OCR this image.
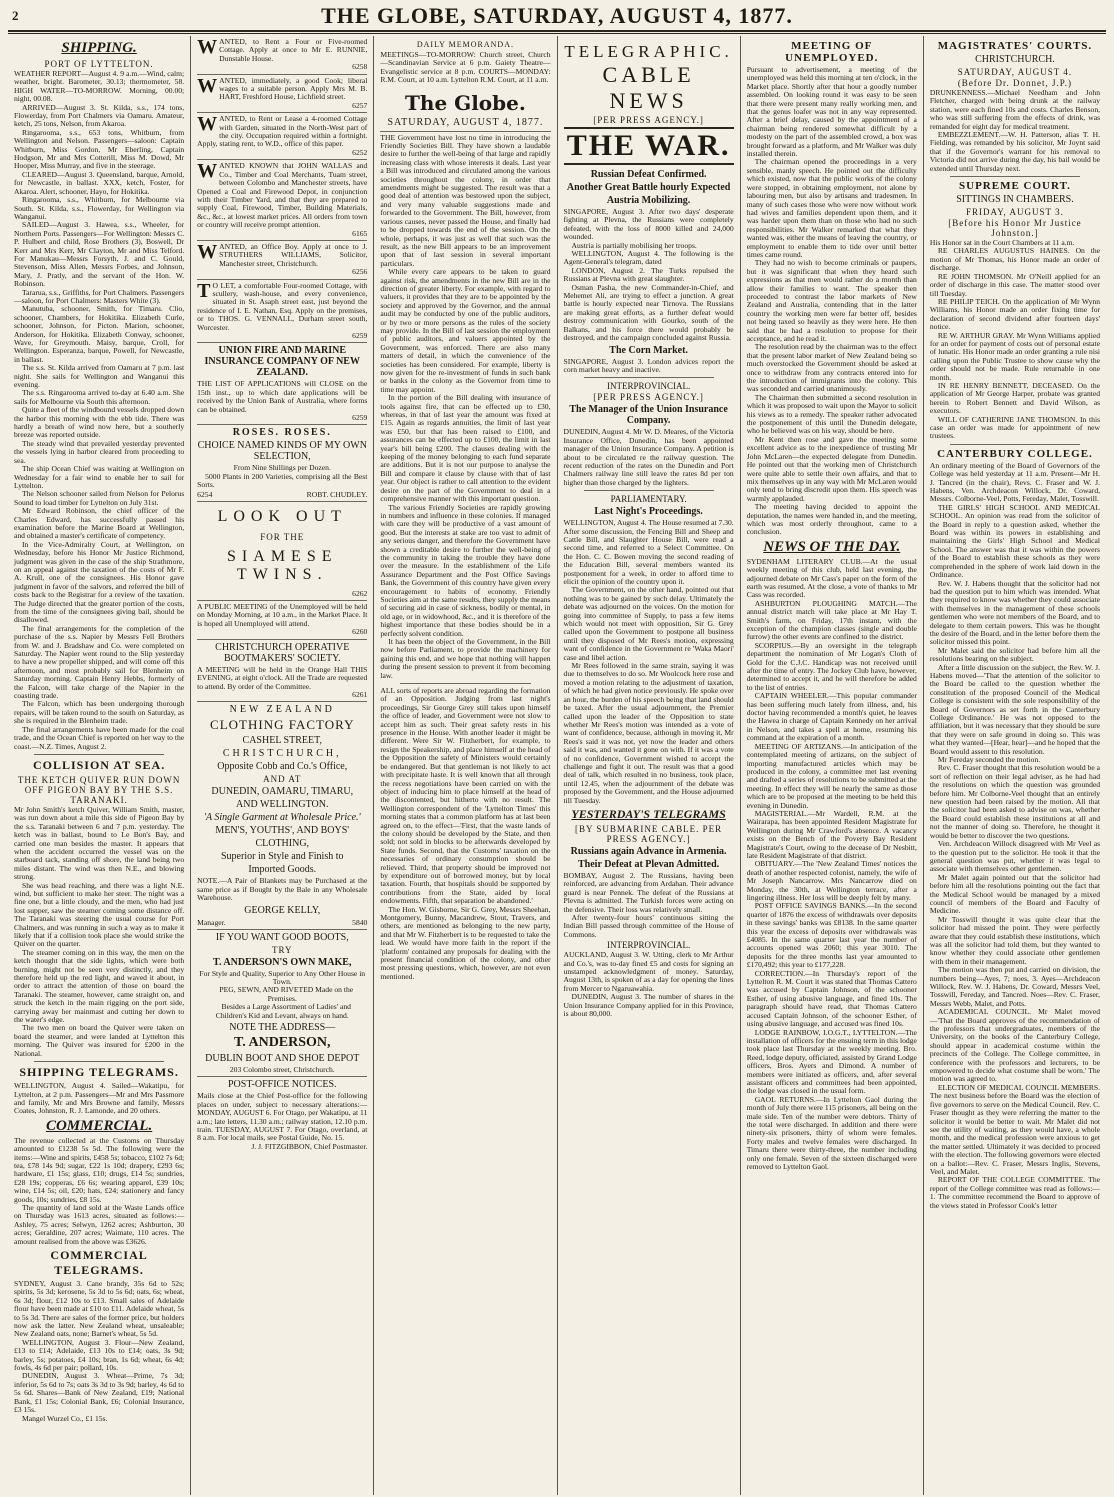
2	THE GLOBE, SATURDAY, AUGUST 4, 1877.
SHIPPING.
PORT OF LYTTELTON.

WEATHER REPORT—August 4. 9 a.m.—Wind, calm; weather, bright. Barometer, 30.13; thermometer, 58. HIGH WATER—TO-MORROW. Morning, 00.00; night, 00.08.

ARRIVED—August 3. St. Kilda, s.s., 174 tons, Flowerday, from Port Chalmers via Oamaru. Amateur, ketch, 25 tons, Nelson, from Akaroa.

Ringarooma, s.s., 653 tons, Whitburn, from Wellington and Nelson. Passengers—saloon: Captain Whitburn, Miss Gordon, Mr Eberling, Captain Hodgson, Mr and Mrs Cotterill, Miss M. Dowd, Mr Hooper, Miss Murray, and five in the steerage.

CLEARED—August 3. Queensland, barque, Arnold, for Newcastle, in ballast. XXX, ketch, Foster, for Akaroa. Alert, schooner, Hayo, for Hokitika.

Ringarooma, s.s., Whitburn, for Melbourne via South. St. Kilda, s.s., Flowerday, for Wellington via Wanganui.

SAILED—August 3. Hawea, s.s., Wheeler, for Northern Ports. Passengers—For Wellington: Messrs C. P. Hulbert and child, Rose Brothers (3), Boswell, Dr Kerr and Mrs Kerr, Mr Clayton, Mr and Miss Telford. For Manukau—Messrs Forsyth, J. and C. Gould, Stevenson, Miss Allen, Messrs Forbes, and Johnson, Mary, J. Pratly, and the servant of the Hon. W. Robinson.

Tararua, s.s., Griffiths, for Port Chalmers. Passengers—saloon, for Port Chalmers: Masters White (3).

Manutuba, schooner, Smith, for Timaru. Clio, schooner, Chambers, for Hokitika. Elizabeth Curle, schooner, Johnson, for Picton. Marion, schooner, Anderson, for Hokitika. Elizabeth Conway, schooner, Wave, for Greymouth. Maisy, barque, Croll, for Wellington. Esperanza, barque, Powell, for Newcastle, in ballast.

The s.s. St. Kilda arrived from Oamaru at 7 p.m. last night. She sails for Wellington and Wanganui this evening.

The s.s. Ringarooma arrived to-day at 6.40 a.m. She sails for Melbourne via South this afternoon.

Quite a fleet of the windbound vessels dropped down the harbor this morning with the ebb tide. There was hardly a breath of wind now here, but a southerly breeze was reported outside.

The steady wind that prevailed yesterday prevented the vessels lying in harbor cleared from proceeding to sea.

The ship Ocean Chief was waiting at Wellington on Wednesday for a fair wind to enable her to sail for Lyttelton.

The Nelson schooner sailed from Nelson for Pelorus Sound to load timber for Lyttelton on July 31st.

Mr Edward Robinson, the chief officer of the Charles Edward, has successfully passed his examination before the Marine Board at Wellington, and obtained a master's certificate of competency.

In the Vice-Admiralty Court, at Wellington, on Wednesday, before his Honor Mr Justice Richmond, judgment was given in the case of the ship Strathmore, on an appeal against the taxation of the costs of Mr F. A. Krull, one of the consignees. His Honor gave judgment in favor of the salvors, and referred the bill of costs back to the Registrar for a review of the taxation. The Judge directed that the greater portion of the costs, from the time of the consignees giving bail, should be disallowed.

The final arrangements for the completion of the purchase of the s.s. Napier by Messrs Fell Brothers from W. and J. Bradshaw and Co. were completed on Saturday. The Napier went round to the Slip yesterday to have a new propeller shipped, and will come off this afternoon, and most probably sail for Blenheim on Saturday morning. Captain Henry Hebbs, formerly of the Falcon, will take charge of the Napier in the coasting trade.

The Falcon, which has been undergoing thorough repairs, will be taken round to the south on Saturday, as she is required in the Blenheim trade.

The final arrangements have been made for the coal trade, and the Ocean Chief is reported on her way to the coast.—N.Z. Times, August 2.

COLLISION AT SEA.
THE KETCH QUIVER RUN DOWN OFF PIGEON BAY BY THE S.S. TARANAKI.

Mr John Smith's ketch Quiver, William Smith, master, was run down about a mile this side of Pigeon Bay by the s.s. Taranaki between 6 and 7 p.m. yesterday. The ketch was in ballast, bound to Le Bon's Bay, and carried one man besides the master. It appears that when the accident occurred the vessel was on the starboard tack, standing off shore, the land being two miles distant. The wind was then N.E., and blowing strong.

She was head reaching, and there was a light N.E. wind, but sufficient to make her steer. The night was a fine one, but a little cloudy, and the men, who had just lost supper, saw the steamer coming some distance off. The Taranaki was steering the usual course for Port Chalmers, and was running in such a way as to make it likely that if a collision took place she would strike the Quiver on the quarter.

The steamer coming on in this way, the men on the ketch thought that the side lights, which were both burning, might not be seen very distinctly, and they therefore held up the red light, and waved it about, in order to attract the attention of those on board the Taranaki. The steamer, however, came straight on, and struck the ketch in the main rigging on the port side, carrying away her mainmast and cutting her down to the water's edge.

The two men on board the Quiver were taken on board the steamer, and were landed at Lyttelton this morning. The Quiver was insured for £200 in the National.

SHIPPING TELEGRAMS.

WELLINGTON, August 4. Sailed—Wakatipu, for Lyttelton, at 2 p.m. Passengers—Mr and Mrs Passmore and family, Mr and Mrs Browne and family, Messrs Coates, Johnston, R. J. Lamonde, and 20 others.

COMMERCIAL.

The revenue collected at the Customs on Thursday amounted to £1238 5s 5d. The following were the items:—Wine and spirits, £458 5s; tobacco, £102 7s 6d; tea, £78 14s 9d; sugar, £22 1s 10d; drapery, £293 6s; hardware, £1 15s; glass, £10; drugs, £14 5s; sundries, £28 19s; copperas, £6 6s; wearing apparel, £39 10s; wine, £14 5s; oil, £20; hats, £24; stationery and fancy goods, 10s; sundries, £8 15s.

The quantity of land sold at the Waste Lands office on Thursday was 1613 acres, situated as follows:—Ashley, 75 acres; Selwyn, 1262 acres; Ashburton, 30 acres; Geraldine, 207 acres; Waimate, 110 acres. The amount realised from the above was £3626.

COMMERCIAL TELEGRAMS.

SYDNEY, August 3. Cane brandy, 35s 6d to 52s; spirits, 5s 3d; kerosene, 5s 3d to 5s 6d; oats, 6s; wheat, 6s 3d; flour, £12 10s to £13. Small sales of Adelaide flour have been made at £10 to £11. Adelaide wheat, 5s to 5s 3d. There are sales of the former price, but holders now ask the latter. New Zealand wheat, unsaleable; New Zealand oats, none; Barnet's wheat, 5s 5d.

WELLINGTON, August 3. Flour—New Zealand, £13 to £14; Adelaide, £13 10s to £14; oats, 3s 9d; barley, 5s; potatoes, £4 10s; bran, 1s 6d; wheat, 6s 4d; fowls, 4s 6d per pair; pollard, 10s.

DUNEDIN, August 3. Wheat—Prime, 7s 3d; inferior, 5s 6d to 7s; oats 3s 3d to 3s 9d; barley, 4s 6d to 5s 6d. Shares—Bank of New Zealand, £19; National Bank, £1 15s; Colonial Bank, £6; Colonial Insurance, £3 15s.

Mangel Wurzel Co., £1 15s.

W ANTED, to Rent a Four or Five-roomed Cottage. Apply at once to Mr E. RUNNIE, Dunstable House.

6258
W ANTED, immediately, a good Cook; liberal wages to a suitable person. Apply Mrs M. B. HART, Freshford House, Lichfield street.

6257
W ANTED, to Rent or Lease a 4-roomed Cottage with Garden, situated in the North-West part of the city. Occupation required within a fortnight. Apply, stating rent, to W.D., office of this paper.

6252
W ANTED KNOWN that JOHN WALLAS and Co., Timber and Coal Merchants, Tuam street, between Colombo and Manchester streets, have Opened a Coal and Firewood Depot, in conjunction with their Timber Yard, and that they are prepared to supply Coal, Firewood, Timber, Building Materials, &c., &c., at lowest market prices. All orders from town or country will receive prompt attention.

6165
W ANTED, an Office Boy. Apply at once to J. STRUTHERS WILLIAMS, Solicitor, Manchester street, Christchurch.

6256
T O LET, a comfortable Four-roomed Cottage, with scullery, wash-house, and every convenience, situated in St. Asaph street east, just beyond the residence of I. E. Nathan, Esq. Apply on the premises, or to THOS. G. VENNALL, Durham street south, Worcester.

6259
UNION FIRE AND MARINE INSURANCE COMPANY OF NEW ZEALAND.

THE LIST OF APPLICATIONS will CLOSE on the 15th inst., up to which date applications will be received by the Union Bank of Australia, where forms can be obtained.

6259
ROSES. ROSES.
CHOICE NAMED KINDS OF MY OWN SELECTION,
From Nine Shillings per Dozen.

5000 Plants in 200 Varieties, comprising all the Best Sorts.

6254	ROBT. CHUDLEY.
LOOK OUT
FOR THE
SIAMESE TWINS.
6262

A PUBLIC MEETING of the Unemployed will be held on Monday Morning, at 10 a.m., in the Market Place. It is hoped all Unemployed will attend.

6260
CHRISTCHURCH OPERATIVE BOOTMAKERS' SOCIETY.

A MEETING will be held in the Orange Hall THIS EVENING, at eight o'clock. All the Trade are requested to attend. By order of the Committee.

6261
NEW ZEALAND
CLOTHING FACTORY
CASHEL STREET,
CHRISTCHURCH,
Opposite Cobb and Co.'s Office,
AND AT
DUNEDIN, OAMARU, TIMARU,
AND WELLINGTON.
'A Single Garment at Wholesale Price.'
MEN'S, YOUTHS', AND BOYS'
CLOTHING,
Superior in Style and Finish to
Imported Goods.

NOTE.—A Pair of Blankets may be Purchased at the same price as if Bought by the Bale in any Wholesale Warehouse.

GEORGE KELLY,
Manager.	5840
IF YOU WANT GOOD BOOTS,
TRY
T. ANDERSON'S OWN MAKE,
For Style and Quality, Superior to Any Other House in Town.
PEG, SEWN, AND RIVETED Made on the Premises.
Besides a Large Assortment of Ladies' and Children's Kid and Levant, always on hand.
NOTE THE ADDRESS—
T. ANDERSON,
DUBLIN BOOT AND SHOE DEPOT
203 Colombo street, Christchurch.
POST-OFFICE NOTICES.

Mails close at the Chief Post-office for the following places on under, subject to necessary alterations:— MONDAY, AUGUST 6. For Otago, per Wakatipu, at 11 a.m.; late letters, 11.30 a.m.; railway station, 12.10 p.m. train. TUESDAY, AUGUST 7. For Otago, overland, at 8 a.m. For local mails, see Postal Guide, No. 15.

J. J. FITZGIBBON, Chief Postmaster.
DAILY MEMORANDA.

MEETINGS—TO-MORROW: Church street, Church—Scandinavian Service at 6 p.m. Gaiety Theatre—Evangelistic service at 8 p.m. COURTS—MONDAY: R.M. Court, at 10 a.m. Lyttelton R.M. Court, at 11 a.m.

The Globe.
SATURDAY, AUGUST 4, 1877.

THE Government have lost no time in introducing the Friendly Societies Bill. They have shown a laudable desire to further the well-being of that large and rapidly increasing class with whose interests it deals. Last year a Bill was introduced and circulated among the various societies throughout the colony, in order that amendments might be suggested. The result was that a good deal of attention was bestowed upon the subject, and very many valuable suggestions made and forwarded to the Government. The Bill, however, from various causes, never passed the House, and finally had to be dropped towards the end of the session. On the whole, perhaps, it was just as well that such was the result, as the new Bill appears to be an improvement upon that of last session in several important particulars.

While every care appears to be taken to guard against risk, the amendments in the new Bill are in the direction of greater liberty. For example, with regard to valuers, it provides that they are to be appointed by the society and approved by the Governor, and the annual audit may be conducted by one of the public auditors, or by two or more persons as the rules of the society may provide. In the Bill of last session the employment of public auditors, and valuers appointed by the Government, was enforced. There are also many matters of detail, in which the convenience of the societies has been considered. For example, liberty is now given for the re-investment of funds in such bank or banks in the colony as the Governor from time to time may appoint.

In the portion of the Bill dealing with insurance of tools against fire, that can be effected up to £30, whereas, in that of last year the amount was fixed at £15. Again as regards annuities, the limit of last year was £50, but that has been raised to £100, and assurances can be effected up to £100, the limit in last year's bill being £200. The clauses dealing with the keeping of the money belonging to each fund separate are additions. But it is not our purpose to analyse the Bill and compare it clause by clause with that of last year. Our object is rather to call attention to the evident desire on the part of the Government to deal in a comprehensive manner with this important question.

The various Friendly Societies are rapidly growing in numbers and influence in these colonies. If managed with care they will be productive of a vast amount of good. But the interests at stake are too vast to admit of any serious danger, and therefore the Government have shown a creditable desire to further the well-being of the community in taking the trouble they have done over the measure. In the establishment of the Life Assurance Department and the Post Office Savings Bank, the Government of this country have given every encouragement to habits of economy. Friendly Societies aim at the same results, they supply the means of securing aid in case of sickness, bodily or mental, in old age, or in widowhood, &c., and it is therefore of the highest importance that these bodies should be in a perfectly solvent condition.

It has been the object of the Government, in the Bill now before Parliament, to provide the machinery for gaining this end, and we hope that nothing will happen during the present session to prevent it from becoming law.

ALL sorts of reports are abroad regarding the formation of an Opposition. Judging from last night's proceedings, Sir George Grey still takes upon himself the office of leader, and Government were not slow to accept him as such. Their great safety rests in his presence in the House. With another leader it might be different. Were Sir W. Fitzherbert, for example, to resign the Speakership, and place himself at the head of the Opposition the safety of Ministers would certainly be endangered. But that gentleman is not likely to act with precipitate haste. It is well known that all through the recess negotiations have been carried on with the object of inducing him to place himself at the head of the discontented, but hitherto with no result. The Wellington correspondent of the 'Lyttelton Times' this morning states that a common platform has at last been agreed on, to the effect—'First, that the waste lands of the colony should be developed by the State, and then sold; not sold in blocks to be afterwards developed by State funds. Second, that the Customs' taxation on the necessaries of ordinary consumption should be relieved. Third, that property should be improved not by expenditure out of borrowed money, but by local taxation. Fourth, that hospitals should be supported by contributions from the State, aided by local endowments. Fifth, that separation be abandoned.'

The Hon. W. Gisborne, Sir G. Grey, Messrs Sheehan, Montgomery, Bunny, Macandrew, Stout, Travers, and others, are mentioned as belonging to the new party, and that Mr W. Fitzherbert is to be requested to take the lead. We would have more faith in the report if the 'platform' contained any proposals for dealing with the present financial condition of the colony, and other most pressing questions, which, however, are not even mentioned.

TELEGRAPHIC.
CABLE NEWS
[PER PRESS AGENCY.]
THE WAR.
Russian Defeat Confirmed.
Another Great Battle hourly Expected
Austria Mobilizing.

SINGAPORE, August 3. After two days' desperate fighting at Plevna, the Russians were completely defeated, with the loss of 8000 killed and 24,000 wounded.

Austria is partially mobilising her troops.

WELLINGTON, August 4. The following is the Agent-General's telegram, dated

LONDON, August 2. The Turks repulsed the Russians at Plevna with great slaughter.

Osman Pasha, the new Commander-in-Chief, and Mehemet Ali, are trying to effect a junction. A great battle is hourly expected near Tirnova. The Russians are making great efforts, as a further defeat would destroy communication with Gourko, south of the Balkans, and his force there would probably be destroyed, and the campaign concluded against Russia.

The Corn Market.

SINGAPORE, August 3. London advices report the corn market heavy and inactive.

INTERPROVINCIAL.
[PER PRESS AGENCY.]
The Manager of the Union Insurance Company.

DUNEDIN, August 4. Mr W. D. Meares, of the Victoria Insurance Office, Dunedin, has been appointed manager of the Union Insurance Company. A petition is about to be circulated re the railway question. The recent reduction of the rates on the Dunedin and Port Chalmers railway line still leave the rates 8d per ton higher than those charged by the lighters.

PARLIAMENTARY.
Last Night's Proceedings.

WELLINGTON, August 4. The House resumed at 7.30. After some discussion, the Fencing Bill and Sheep and Cattle Bill, and Slaughter House Bill, were read a second time, and referred to a Select Committee. On the Hon. C. C. Bowen moving the second reading of the Education Bill, several members wanted its postponement for a week, in order to afford time to elicit the opinion of the country upon it.

The Government, on the other hand, pointed out that nothing was to be gained by such delay. Ultimately the debate was adjourned on the voices. On the motion for going into committee of Supply, to pass a few items which would not meet with opposition, Sir G. Grey called upon the Government to postpone all business until they disposed of Mr Rees's motion, expressing want of confidence in the Government re 'Waka Maori' case and libel action.

Mr Rees followed in the same strain, saying it was due to themselves to do so. Mr Woolcock here rose and moved a motion relating to the adjustment of taxation, of which he had given notice previously. He spoke over an hour, the burden of his speech being that land should be taxed. After the usual adjournment, the Premier called upon the leader of the Opposition to state whether Mr Rees's motion was intended as a vote of want of confidence, because, although in moving it, Mr Rees's said it was not, yet now the leader and others said it was, and wanted it gone on with. If it was a vote of no confidence, Government wished to accept the challenge and fight it out. The result was that a good deal of talk, which resulted in no business, took place, until 12.45, when the adjournment of the debate was proposed by the Government, and the House adjourned till Tuesday.

YESTERDAY'S TELEGRAMS
[BY SUBMARINE CABLE. PER PRESS AGENCY.]
Russians again Advance in Armenia.
Their Defeat at Plevan Admitted.

BOMBAY, August 2. The Russians, having been reinforced, are advancing from Ardahan. Their advance guard is near Pennek. The defeat of the Russians at Plevna is admitted. The Turkish forces were acting on the defensive. Their loss was relatively small.

After twenty-four hours' continuous sitting the Indian Bill passed through committee of the House of Commons.

INTERPROVINCIAL.

AUCKLAND, August 3. W. Utting, clerk to Mr Arthur and Co.'s, was to-day fined £5 and costs for signing an unstamped acknowledgment of money. Saturday, August 13th, is spoken of as a day for opening the lines from Mercer to Ngaruawahia.

DUNEDIN, August 3. The number of shares in the Union Insurance Company applied for in this Province, is about 80,000.

MEETING OF UNEMPLOYED.

Pursuant to advertisement, a meeting of the unemployed was held this morning at ten o'clock, in the Market place. Shortly after that hour a goodly number assembled. On looking round it was easy to be seen that there were present many really working men, and that the genus loafer was not in any way represented. After a brief delay, caused by the appointment of a chairman being rendered somewhat difficult by a modesty on the part of the assembled crowd, a box was brought forward as a platform, and Mr Walker was duly installed therein.

The chairman opened the proceedings in a very sensible, manly speech. He pointed out the difficulty which existed, now that the public works of the colony were stopped, in obtaining employment, not alone by labouring men, but also by artisans and tradesmen. In many of such cases those who were now without work had wives and families dependent upon them, and it was harder upon them than on those who had no such responsibilities. Mr Walker remarked that what they wanted was, either the means of leaving the country, or employment to enable them to tide over until better times came round.

They had no wish to become criminals or paupers, but it was significant that when they heard such expressions as that men would rather do a month than allow their families to want. The speaker then proceeded to contrast the labor markets of New Zealand and Australia, contending that in the latter country the working men were far better off, besides not being taxed so heavily as they were here. He then said that he had a resolution to propose for their acceptance, and he read it.

The resolution read by the chairman was to the effect that the present labor market of New Zealand being so much overstocked the Government should be asked at once to withdraw from any contracts entered into for the introduction of immigrants into the colony. This was seconded and carried unanimously.

The Chairman then submitted a second resolution in which it was proposed to wait upon the Mayor to solicit his views as to a remedy. The speaker rather advocated the postponement of this until the Dunedin delegate, who he believed was on his way, should be here.

Mr Kent then rose and gave the meeting some excellent advice as to the inexpedience of trusting Mr John McLaren—the expected delegate from Dunedin. He pointed out that the working men of Christchurch were quite able to settle their own affairs, and that to mix themselves up in any way with Mr McLaren would only tend to bring discredit upon them. His speech was warmly applauded.

The meeting having decided to appoint the deputation, the names were handed in, and the meeting, which was most orderly throughout, came to a conclusion.

NEWS OF THE DAY.

SYDENHAM LITERARY CLUB.—At the usual weekly meeting of this club, held last evening, the adjourned debate on Mr Cass's paper on the form of the earth was resumed. At the close, a vote of thanks to Mr Cass was recorded.

ASHBURTON PLOUGHING MATCH.—The annual district match will take place at Mr Hay T. Smith's farm, on Friday, 17th instant, with the exception of the champion classes (single and double furrow) the other events are confined to the district.

SCORPIUS.—By an oversight in the telegraph department the nomination of Mr Logan's Cloth of Gold for the C.J.C. Handicap was not received until after the time of entry. The Jockey Club have, however, determined to accept it, and he will therefore be added to the list of entries.

CAPTAIN WHEELER.—This popular commander has been suffering much lately from illness, and, his doctor having recommended a month's quiet, he leaves the Hawea in charge of Captain Kennedy on her arrival in Nelson, and takes a spell at home, resuming his command at the expiration of a month.

MEETING OF ARTIZANS.—In anticipation of the contemplated meeting of artizans, on the subject of importing manufactured articles which may be produced in the colony, a committee met last evening and drafted a series of resolutions to be submitted at the meeting. In effect they will be nearly the same as those which are to be proposed at the meeting to be held this evening in Dunedin.

MAGISTERIAL.—Mr Wardell, R.M. at the Wairarapa, has been appointed Resident Magistrate for Wellington during Mr Crawford's absence. A vacancy exists on the Bench of the Poverty Bay Resident Magistrate's Court, owing to the decease of Dr Nesbitt, late Resident Magistrate of that district.

OBITUARY.—The 'New Zealand Times' notices the death of another respected colonist, namely, the wife of Mr Joseph Nancarrow. Mrs Nancarrow died on Monday, the 30th, at Wellington terrace, after a lingering illness. Her loss will be deeply felt by many.

POST OFFICE SAVINGS BANKS.—In the second quarter of 1876 the excess of withdrawals over deposits in these savings' banks was £8138. In the same quarter this year the excess of deposits over withdrawals was £4085. In the same quarter last year the number of accounts opened was 2060; this year 3010. The deposits for the three months last year amounted to £170,492; this year to £177,228.

CORRECTION.—In Thursday's report of the Lyttelton R. M. Court it was stated that Thomas Cattero was accused by Captain Johnson, of the schooner Esther, of using abusive language, and fined 10s. The paragraph should have read, that Thomas Cattero accused Captain Johnson, of the schooner Esther, of using abusive language, and accused was fined 10s.

LODGE RAINBOW, I.O.G.T., LYTTELTON.—The installation of officers for the ensuing term in this lodge took place last Thursday at the weekly meeting. Bro. Reed, lodge deputy, officiated, assisted by Grand Lodge officers, Bros. Ayers and Dimond. A number of members were initiated as officers, and, after several assistant officers and committees had been appointed, the lodge was closed in the usual form.

GAOL RETURNS.—In Lyttelton Gaol during the month of July there were 115 prisoners, all being on the male side. Ten of the number were debtors. Thirty of the total were discharged. In addition and there were ninety-six prisoners, thirty of whom were females. Forty males and twelve females were discharged. In Timaru there were thirty-three, the number including only one female. Seven of the sixteen discharged were removed to Lyttelton Gaol.

MAGISTRATES' COURTS.
CHRISTCHURCH.
SATURDAY, AUGUST 4.
(Before Dr. Donnet, J.P.)

DRUNKENNESS.—Michael Needham and John Fletcher, charged with being drunk at the railway station, were each fined 10s and costs. Charles Benson, who was still suffering from the effects of drink, was remanded for eight day for medical treatment.

EMBEZZLEMENT.—W. H. Patterson, alias T. H. Fielding, was remanded by his solicitor, Mr Joynt said that if the Governor's warrant for his removal to Victoria did not arrive during the day, his bail would be extended until Thursday next.

SUPREME COURT.
SITTINGS IN CHAMBERS.
FRIDAY, AUGUST 3.
[Before his Honor Mr Justice Johnston.]

His Honor sat in the Court Chambers at 11 a.m.

RE CHARLES AUGUSTUS HAINES. On the motion of Mr Thomas, his Honor made an order of discharge.

RE JOHN THOMSON. Mr O'Neill applied for an order of discharge in this case. The matter stood over till Tuesday.

RE PHILIP TEICH. On the application of Mr Wynn Williams, his Honor made an order fixing time for declaration of second dividend after fourteen days' notice.

RE W. ARTHUR GRAY. Mr Wynn Williams applied for an order for payment of costs out of personal estate of lunatic. His Honor made an order granting a rule nisi calling upon the Public Trustee to show cause why the order should not be made. Rule returnable in one month.

IN RE HENRY BENNETT, DECEASED. On the application of Mr George Harper, probate was granted herein to Robert Bennett and David Wilson, as executors.

WILL OF CATHERINE JANE THOMSON. In this case an order was made for appointment of new trustees.

CANTERBURY COLLEGE.

An ordinary meeting of the Board of Governors of the College was held yesterday at 11 a.m. Present—Mr H. J. Tancred (in the chair), Revs. C. Fraser and W. J. Habens, Ven. Archdeacon Willock, Dr. Coward, Messrs. Colborne-Veel, Potts, Fereday, Malet, Tosswill.

THE GIRLS' HIGH SCHOOL AND MEDICAL SCHOOL. An opinion was read from the solicitor of the Board in reply to a question asked, whether the Board was within its powers in establishing and maintaining the Girls' High School and Medical School. The answer was that it was within the powers of the Board to establish these schools as they were comprehended in the sphere of work laid down in the Ordinance.

Rev. W. J. Habens thought that the solicitor had not had the question put to him which was intended. What they required to know was whether they could associate with themselves in the management of these schools gentlemen who were not members of the Board, and to delegate to them certain powers. This was he thought the desire of the Board, and in the letter before them the solicitor missed this point.

Mr Malet said the solicitor had before him all the resolutions bearing on the subject.

After a little discussion on the subject, the Rev. W. J. Habens moved—'That the attention of the solicitor to the Board be called to the question whether the constitution of the proposed Council of the Medical College is consistent with the sole responsibility of the Board of Governors as set forth in the Canterbury College Ordinance.' He was not opposed to the affiliation, but it was necessary that they should be sure that they were on safe ground in doing so. This was what they wanted—[Hear, hear]—and he hoped that the Board would assent to this resolution.

Mr Fereday seconded the motion.

Rev. C. Fraser thought that this resolution would be a sort of reflection on their legal adviser, as he had had the resolutions on which the question was grounded before him. Mr Colborne-Veel thought that an entirely new question had been raised by the motion. All that the solicitor had been asked to advise on was, whether the Board could establish these institutions at all and not the manner of doing so. Therefore, he thought it would be better to discover the two questions.

Ven. Archdeacon Willock disagreed with Mr Veel as to the question put to the solicitor. He took it that the general question was put, whether it was legal to associate with themselves other gentlemen.

Mr Malet again pointed out that the solicitor had before him all the resolutions pointing out the fact that the Medical School would be managed by a mixed council of members of the Board and Faculty of Medicine.

Mr Tosswill thought it was quite clear that the solicitor had missed the point. They were perfectly aware that they could establish these institutions, which was all the solicitor had told them, but they wanted to know whether they could associate other gentlemen with them in their management.

The motion was then put and carried on division, the numbers being—Ayes, 7; noes, 3. Ayes—Archdeacon Willock, Rev. W. J. Habens, Dr. Coward, Messrs Veel, Tosswill, Fereday, and Tancred. Noes—Rev. C. Fraser, Messrs Webb, Malet, and Potts.

ACADEMICAL COUNCIL. Mr Malet moved—'That the Board approves of the recommendation of the professors that undergraduates, members of the University, on the books of the Canterbury College, should appear in academical costume within the precincts of the College. The College committee, in conference with the professors and lecturers, to be empowered to decide what costume shall be worn.' The motion was agreed to.

ELECTION OF MEDICAL COUNCIL MEMBERS. The next business before the Board was the election of five governors to serve on the Medical Council. Rev. C. Fraser thought as they were referring the matter to the solicitor it would be better to wait. Mr Malet did not see the utility of waiting, as they would have, a whole month, and the medical profession were anxious to get the matter settled. Ultimately it was decided to proceed with the election. The following governors were elected on a ballot:—Rev. C. Fraser, Messrs Inglis, Stevens, Veel, and Malet.

REPORT OF THE COLLEGE COMMITTEE. The report of the College committee was read as follows:— 1. The committee recommend the Board to approve of the views stated in Professor Cook's letter
